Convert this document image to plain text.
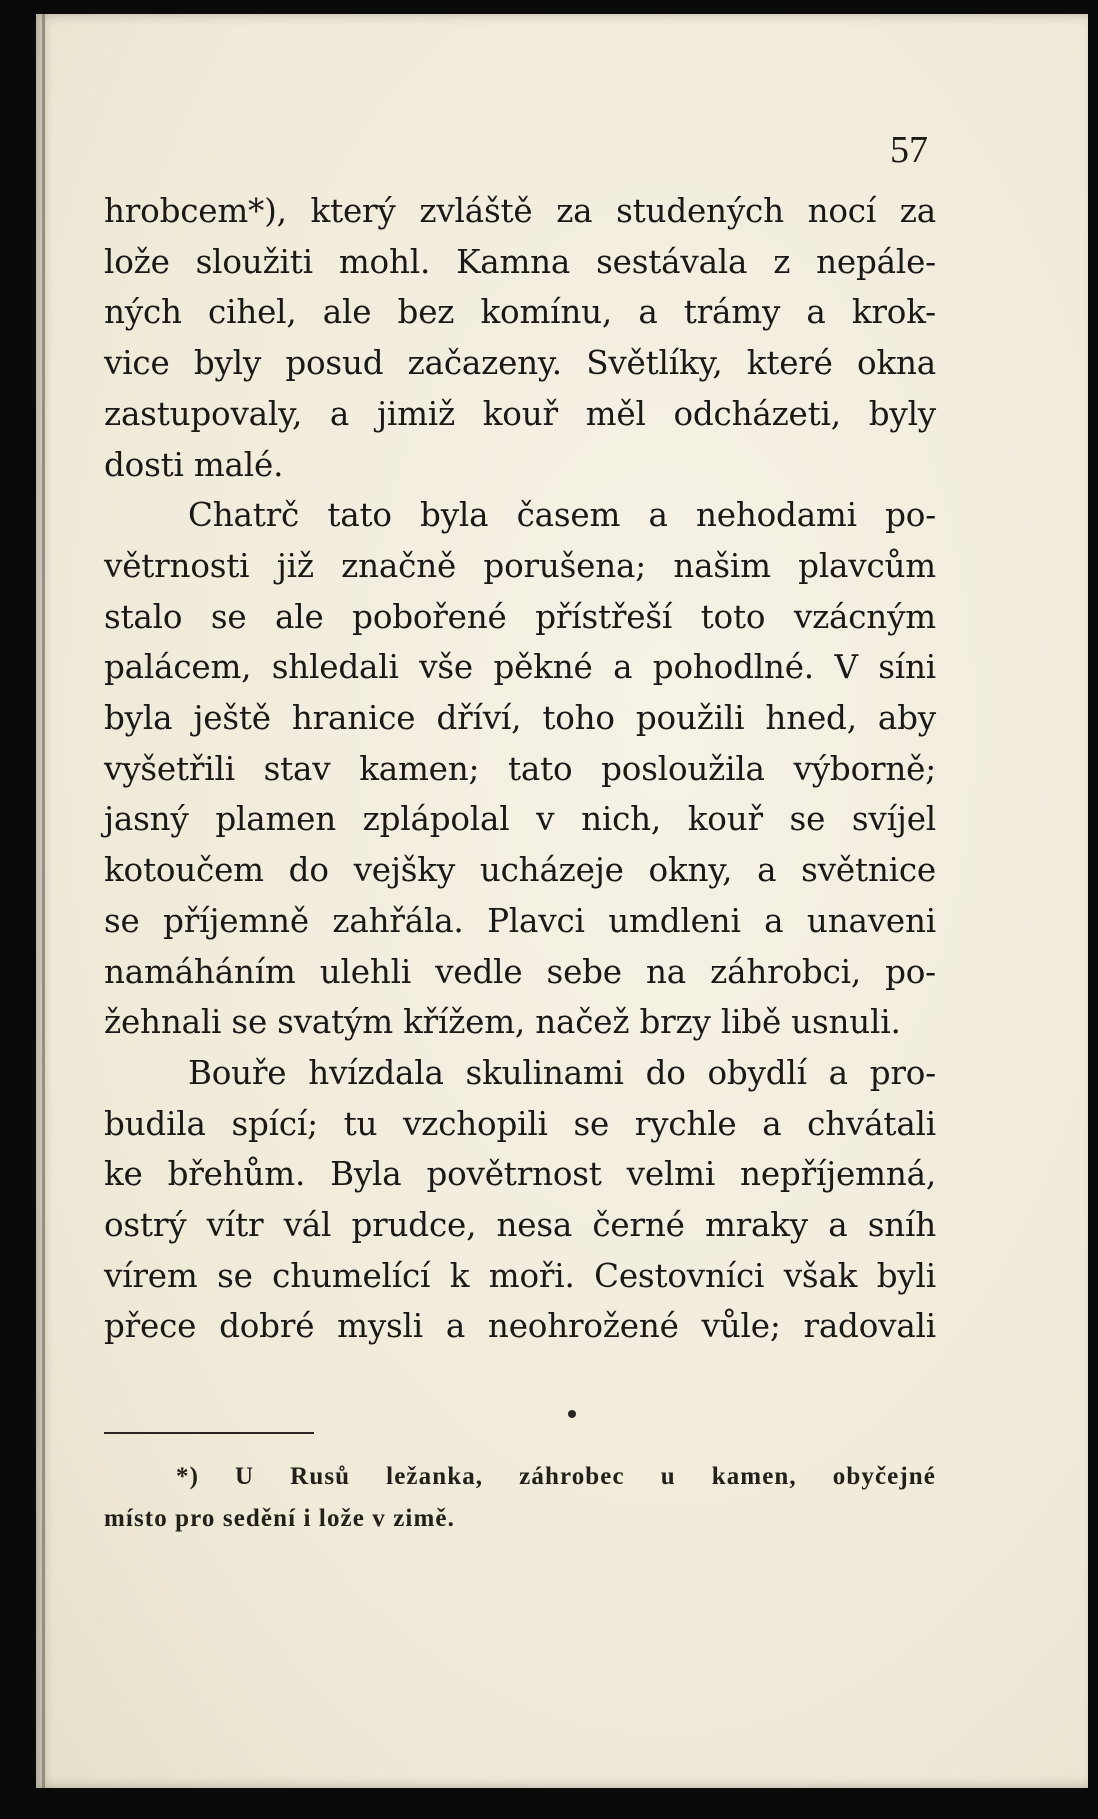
57
hrobcem*), který zvláště za studených nocí za
lože sloužiti mohl. Kamna sestávala z nepále-
ných cihel, ale bez komínu, a trámy a krok-
vice byly posud začazeny. Světlíky, které okna
zastupovaly, a jimiž kouř měl odcházeti, byly
dosti malé.
Chatrč tato byla časem a nehodami po-
větrnosti již značně porušena; našim plavcům
stalo se ale pobořené přístřeší toto vzácným
palácem, shledali vše pěkné a pohodlné. V síni
byla ještě hranice dříví, toho použili hned, aby
vyšetřili stav kamen; tato posloužila výborně;
jasný plamen zplápolal v nich, kouř se svíjel
kotoučem do vejšky ucházeje okny, a světnice
se příjemně zahřála. Plavci umdleni a unaveni
namáháním ulehli vedle sebe na záhrobci, po-
žehnali se svatým křížem, načež brzy libě usnuli.
Bouře hvízdala skulinami do obydlí a pro-
budila spící; tu vzchopili se rychle a chvátali
ke břehům. Byla povětrnost velmi nepříjemná,
ostrý vítr vál prudce, nesa černé mraky a sníh
vírem se chumelící k moři. Cestovníci však byli
přece dobré mysli a neohrožené vůle; radovali
*) U Rusů ležanka, záhrobec u kamen, obyčejné
místo pro sedění i lože v zimě.
